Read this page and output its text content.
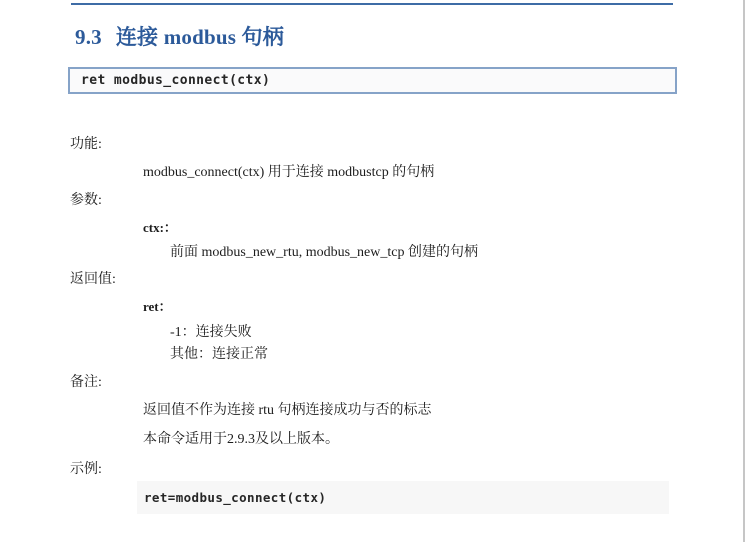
9.3 连接 modbus 句柄
ret modbus_connect(ctx)
功能:
modbus_connect(ctx) 用于连接 modbustcp 的句柄
参数:
ctx:：
前面 modbus_new_rtu, modbus_new_tcp 创建的句柄
返回值:
ret：
-1：连接失败
其他：连接正常
备注:
返回值不作为连接 rtu 句柄连接成功与否的标志
本命令适用于2.9.3及以上版本。
示例:
ret=modbus_connect(ctx)
